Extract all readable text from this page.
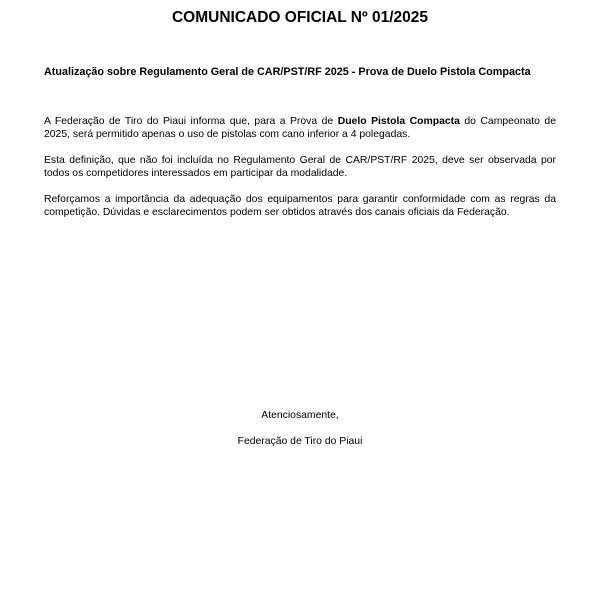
COMUNICADO OFICIAL Nº 01/2025
Atualização sobre Regulamento Geral de CAR/PST/RF 2025 - Prova de Duelo Pistola Compacta
A Federação de Tiro do Piaui informa que, para a Prova de Duelo Pistola Compacta do Campeonato de 2025, será permitido apenas o uso de pistolas com cano inferior a 4 polegadas.
Esta definição, que não foi incluída no Regulamento Geral de CAR/PST/RF 2025, deve ser observada por todos os competidores interessados em participar da modalidade.
Reforçamos a importância da adequação dos equipamentos para garantir conformidade com as regras da competição. Dúvidas e esclarecimentos podem ser obtidos através dos canais oficiais da Federação.
Atenciosamente,
Federação de Tiro do Piaui
